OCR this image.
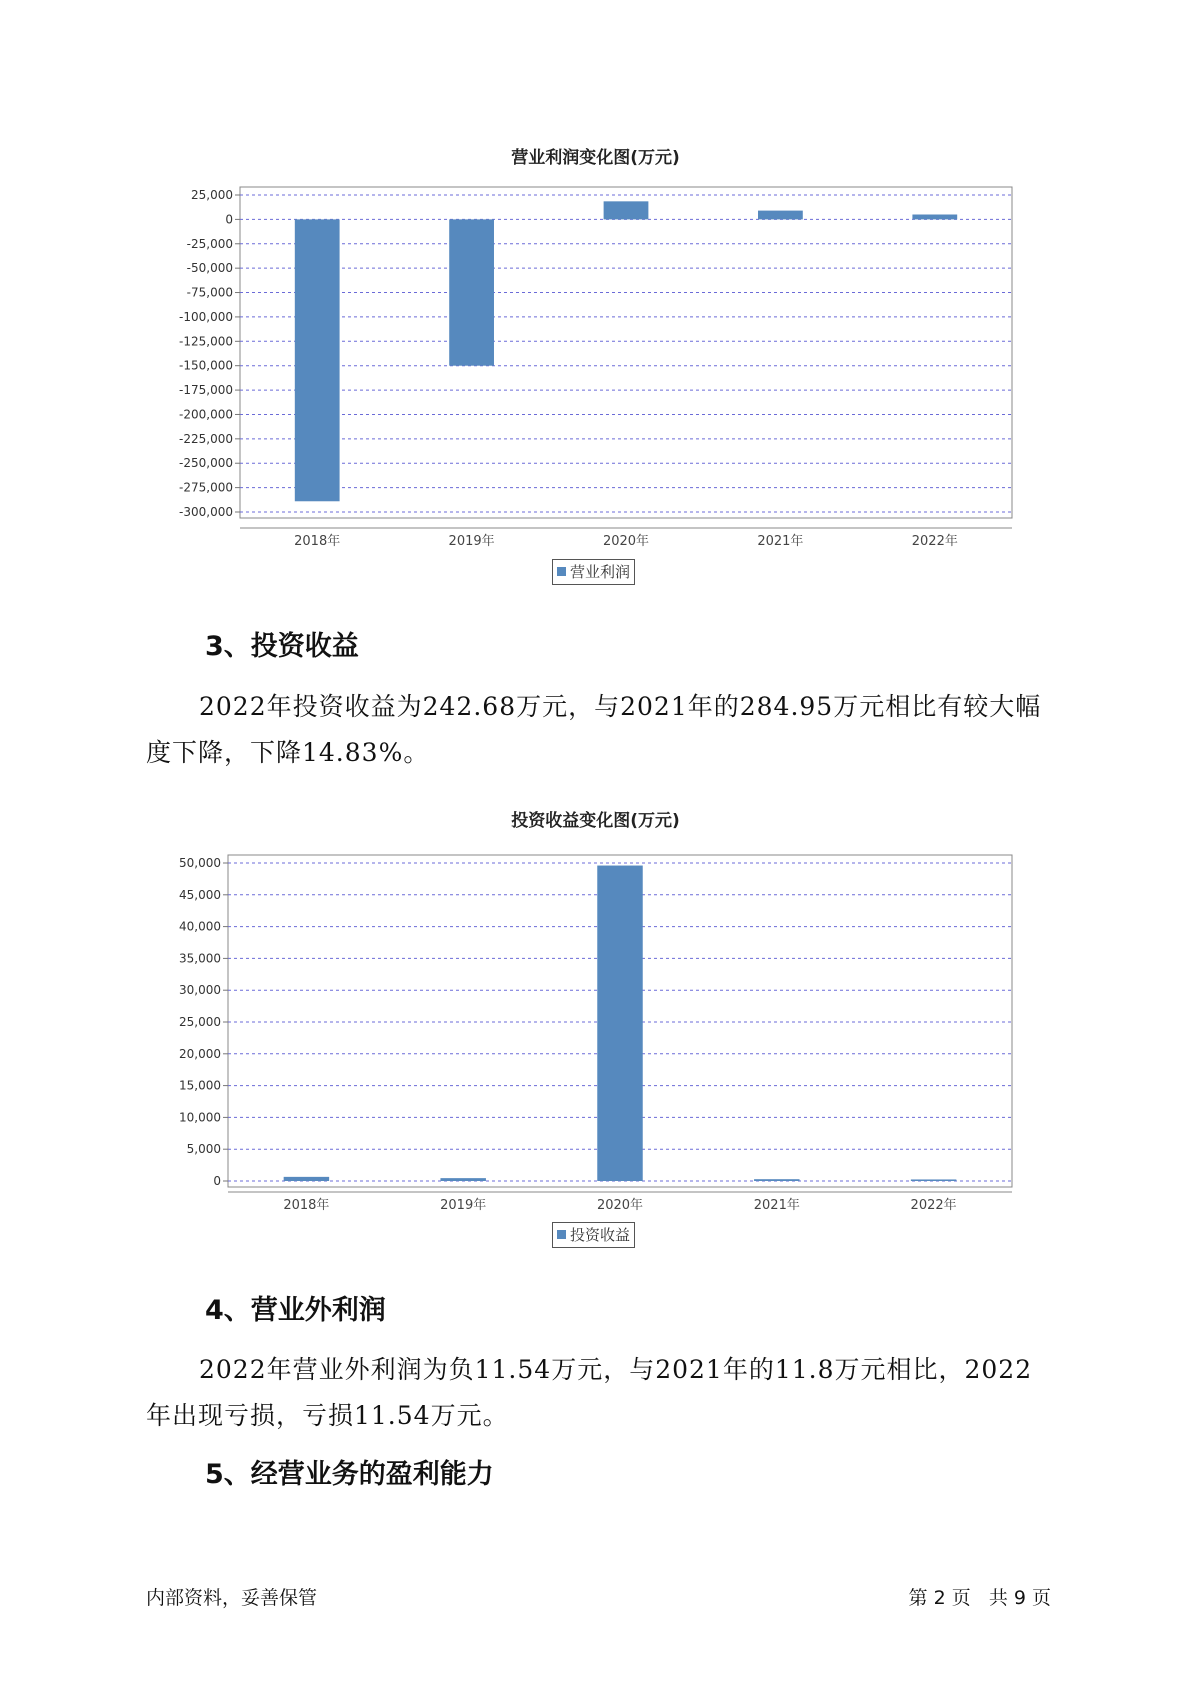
营业利润变化图(万元)
25,000
0
-25,000
-50,000
-75,000
-100,000
-125,000
-150,000
-175,000
-200,000
-225,000
-250,000
-275,000
-300,000
2018年	2019年	2020年	2021年	2022年
营业利润
3、投资收益

2022年投资收益为242.68万元，与2021年的284.95万元相比有较大幅度下降，下降14.83%。

投资收益变化图(万元)
50,000
45,000
40,000
35,000
30,000
25,000
20,000
15,000
10,000
5,000
0
2018年	2019年	2020年	2021年	2022年
投资收益
4、营业外利润

2022年营业外利润为负11.54万元，与2021年的11.8万元相比，2022年出现亏损，亏损11.54万元。

5、经营业务的盈利能力
内部资料，妥善保管	第 2 页   共 9 页
